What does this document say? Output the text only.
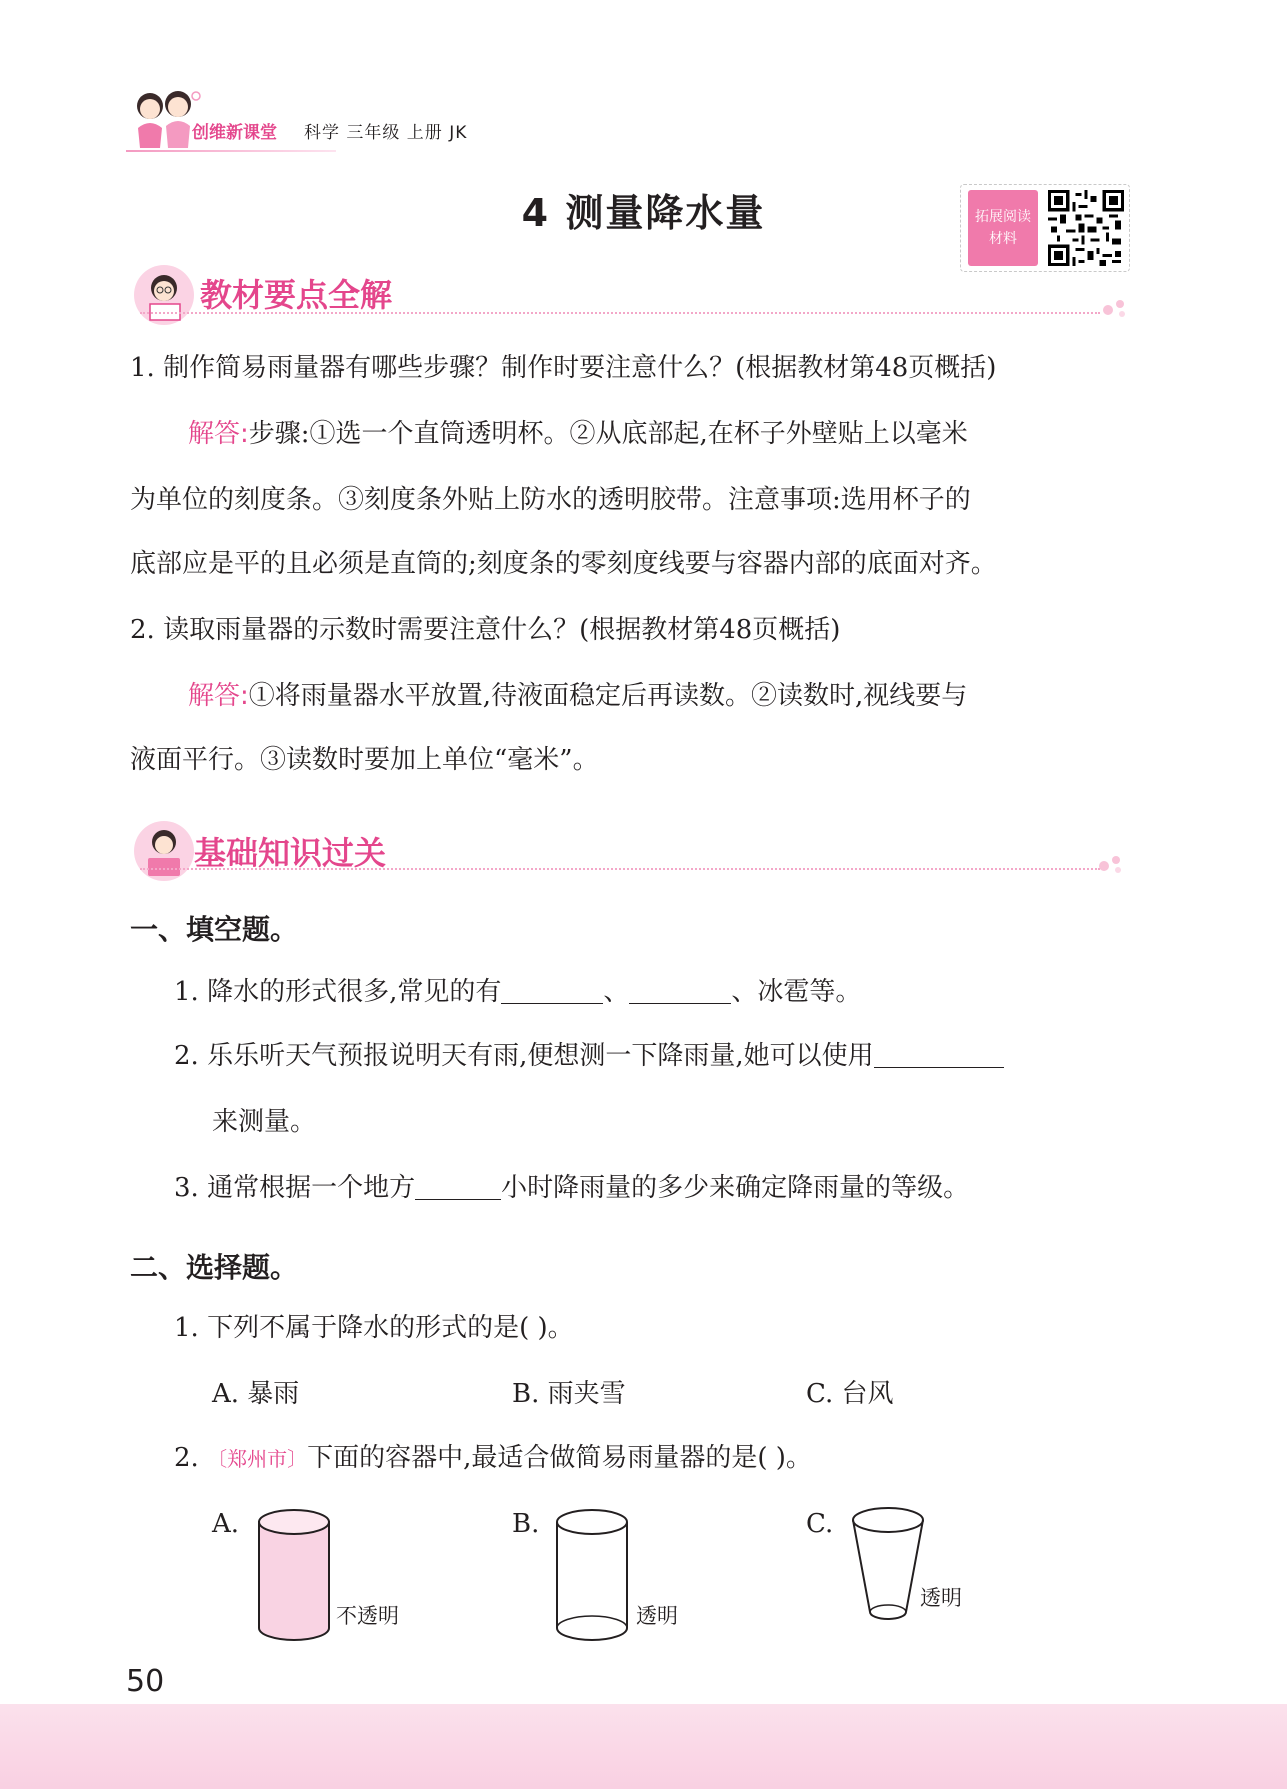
创维新课堂 科学 三年级 上册 JK
4 测量降水量	拓展阅读
材料
教材要点全解
1. 制作简易雨量器有哪些步骤？制作时要注意什么？(根据教材第48页概括)
解答:步骤:①选一个直筒透明杯。②从底部起,在杯子外壁贴上以毫米
为单位的刻度条。③刻度条外贴上防水的透明胶带。注意事项:选用杯子的
底部应是平的且必须是直筒的;刻度条的零刻度线要与容器内部的底面对齐。
2. 读取雨量器的示数时需要注意什么？(根据教材第48页概括)
解答:①将雨量器水平放置,待液面稳定后再读数。②读数时,视线要与
液面平行。③读数时要加上单位“毫米”。
基础知识过关
一、填空题。
1. 降水的形式很多,常见的有	、	、冰雹等。
2. 乐乐听天气预报说明天有雨,便想测一下降雨量,她可以使用
来测量。
3. 通常根据一个地方	小时降雨量的多少来确定降雨量的等级。
二、选择题。
1. 下列不属于降水的形式的是( )。
A. 暴雨	B. 雨夹雪	C. 台风
2. 〔郑州市〕下面的容器中,最适合做简易雨量器的是( )。
A.
不透明
B.
透明
C.
透明
50
